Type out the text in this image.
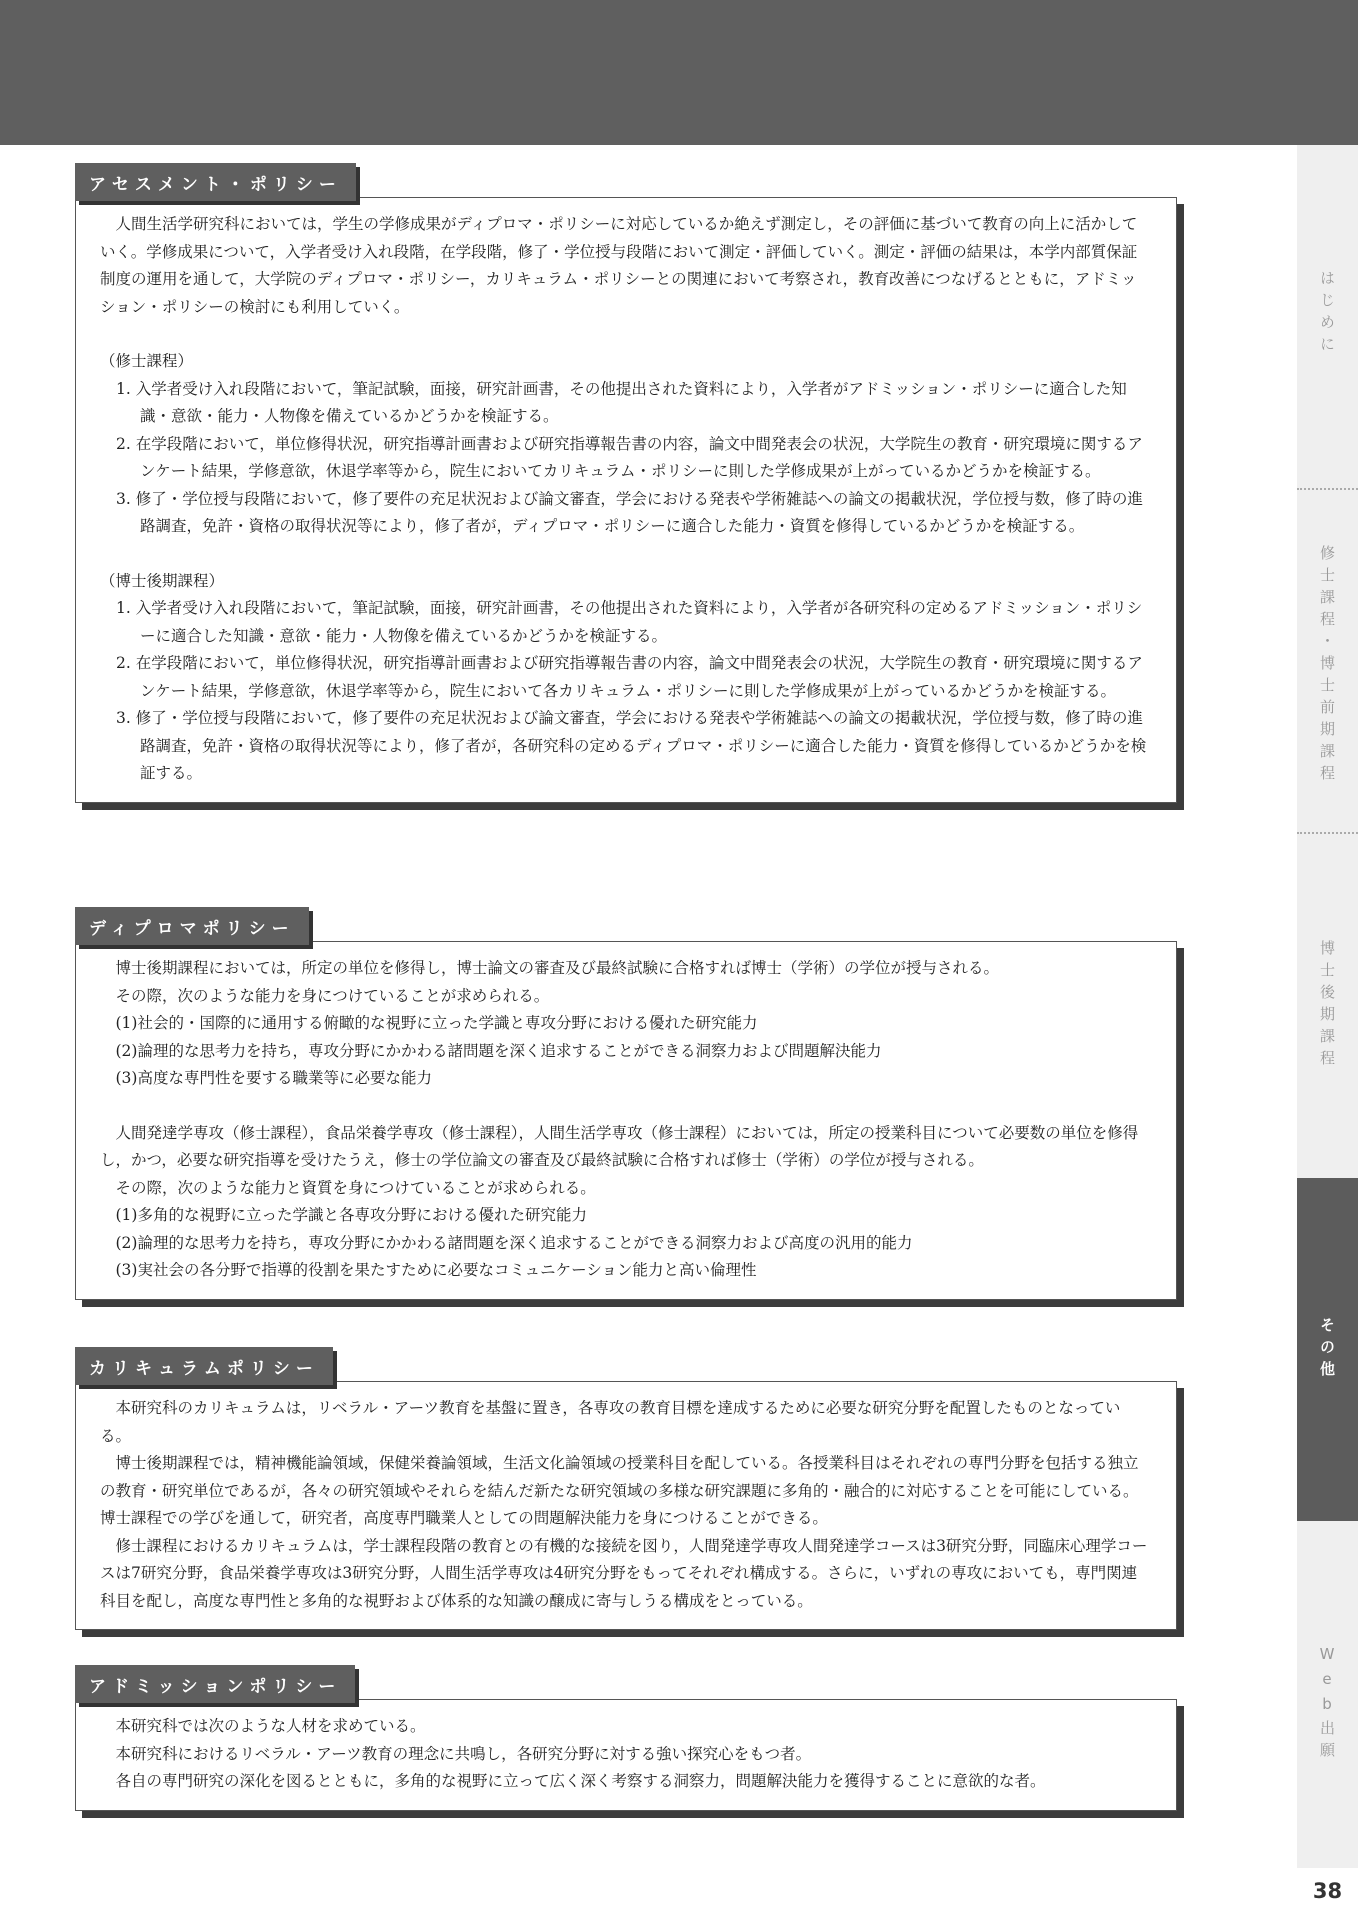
はじめに
修士課程・博士前期課程
博士後期課程
その他
Web出願
38
アセスメント・ポリシー

人間生活学研究科においては，学生の学修成果がディプロマ・ポリシーに対応しているか絶えず測定し，その評価に基づいて教育の向上に活かしていく。学修成果について，入学者受け入れ段階，在学段階，修了・学位授与段階において測定・評価していく。測定・評価の結果は，本学内部質保証制度の運用を通して，大学院のディプロマ・ポリシー，カリキュラム・ポリシーとの関連において考察され，教育改善につなげるとともに，アドミッション・ポリシーの検討にも利用していく。

（修士課程）

1. 入学者受け入れ段階において，筆記試験，面接，研究計画書，その他提出された資料により，入学者がアドミッション・ポリシーに適合した知識・意欲・能力・人物像を備えているかどうかを検証する。
2. 在学段階において，単位修得状況，研究指導計画書および研究指導報告書の内容，論文中間発表会の状況，大学院生の教育・研究環境に関するアンケート結果，学修意欲，休退学率等から，院生においてカリキュラム・ポリシーに則した学修成果が上がっているかどうかを検証する。
3. 修了・学位授与段階において，修了要件の充足状況および論文審査，学会における発表や学術雑誌への論文の掲載状況，学位授与数，修了時の進路調査，免許・資格の取得状況等により，修了者が，ディプロマ・ポリシーに適合した能力・資質を修得しているかどうかを検証する。

（博士後期課程）

1. 入学者受け入れ段階において，筆記試験，面接，研究計画書，その他提出された資料により，入学者が各研究科の定めるアドミッション・ポリシーに適合した知識・意欲・能力・人物像を備えているかどうかを検証する。
2. 在学段階において，単位修得状況，研究指導計画書および研究指導報告書の内容，論文中間発表会の状況，大学院生の教育・研究環境に関するアンケート結果，学修意欲，休退学率等から，院生において各カリキュラム・ポリシーに則した学修成果が上がっているかどうかを検証する。
3. 修了・学位授与段階において，修了要件の充足状況および論文審査，学会における発表や学術雑誌への論文の掲載状況，学位授与数，修了時の進路調査，免許・資格の取得状況等により，修了者が，各研究科の定めるディプロマ・ポリシーに適合した能力・資質を修得しているかどうかを検証する。
ディプロマポリシー

博士後期課程においては，所定の単位を修得し，博士論文の審査及び最終試験に合格すれば博士（学術）の学位が授与される。

その際，次のような能力を身につけていることが求められる。

(1)社会的・国際的に通用する俯瞰的な視野に立った学識と専攻分野における優れた研究能力

(2)論理的な思考力を持ち，専攻分野にかかわる諸問題を深く追求することができる洞察力および問題解決能力

(3)高度な専門性を要する職業等に必要な能力

人間発達学専攻（修士課程），食品栄養学専攻（修士課程），人間生活学専攻（修士課程）においては，所定の授業科目について必要数の単位を修得し，かつ，必要な研究指導を受けたうえ，修士の学位論文の審査及び最終試験に合格すれば修士（学術）の学位が授与される。

その際，次のような能力と資質を身につけていることが求められる。

(1)多角的な視野に立った学識と各専攻分野における優れた研究能力

(2)論理的な思考力を持ち，専攻分野にかかわる諸問題を深く追求することができる洞察力および高度の汎用的能力

(3)実社会の各分野で指導的役割を果たすために必要なコミュニケーション能力と高い倫理性

カリキュラムポリシー

本研究科のカリキュラムは，リベラル・アーツ教育を基盤に置き，各専攻の教育目標を達成するために必要な研究分野を配置したものとなっている。

博士後期課程では，精神機能論領域，保健栄養論領域，生活文化論領域の授業科目を配している。各授業科目はそれぞれの専門分野を包括する独立の教育・研究単位であるが，各々の研究領域やそれらを結んだ新たな研究領域の多様な研究課題に多角的・融合的に対応することを可能にしている。博士課程での学びを通して，研究者，高度専門職業人としての問題解決能力を身につけることができる。

修士課程におけるカリキュラムは，学士課程段階の教育との有機的な接続を図り，人間発達学専攻人間発達学コースは3研究分野，同臨床心理学コースは7研究分野，食品栄養学専攻は3研究分野，人間生活学専攻は4研究分野をもってそれぞれ構成する。さらに，いずれの専攻においても，専門関連科目を配し，高度な専門性と多角的な視野および体系的な知識の醸成に寄与しうる構成をとっている。

アドミッションポリシー

本研究科では次のような人材を求めている。

本研究科におけるリベラル・アーツ教育の理念に共鳴し，各研究分野に対する強い探究心をもつ者。

各自の専門研究の深化を図るとともに，多角的な視野に立って広く深く考察する洞察力，問題解決能力を獲得することに意欲的な者。
